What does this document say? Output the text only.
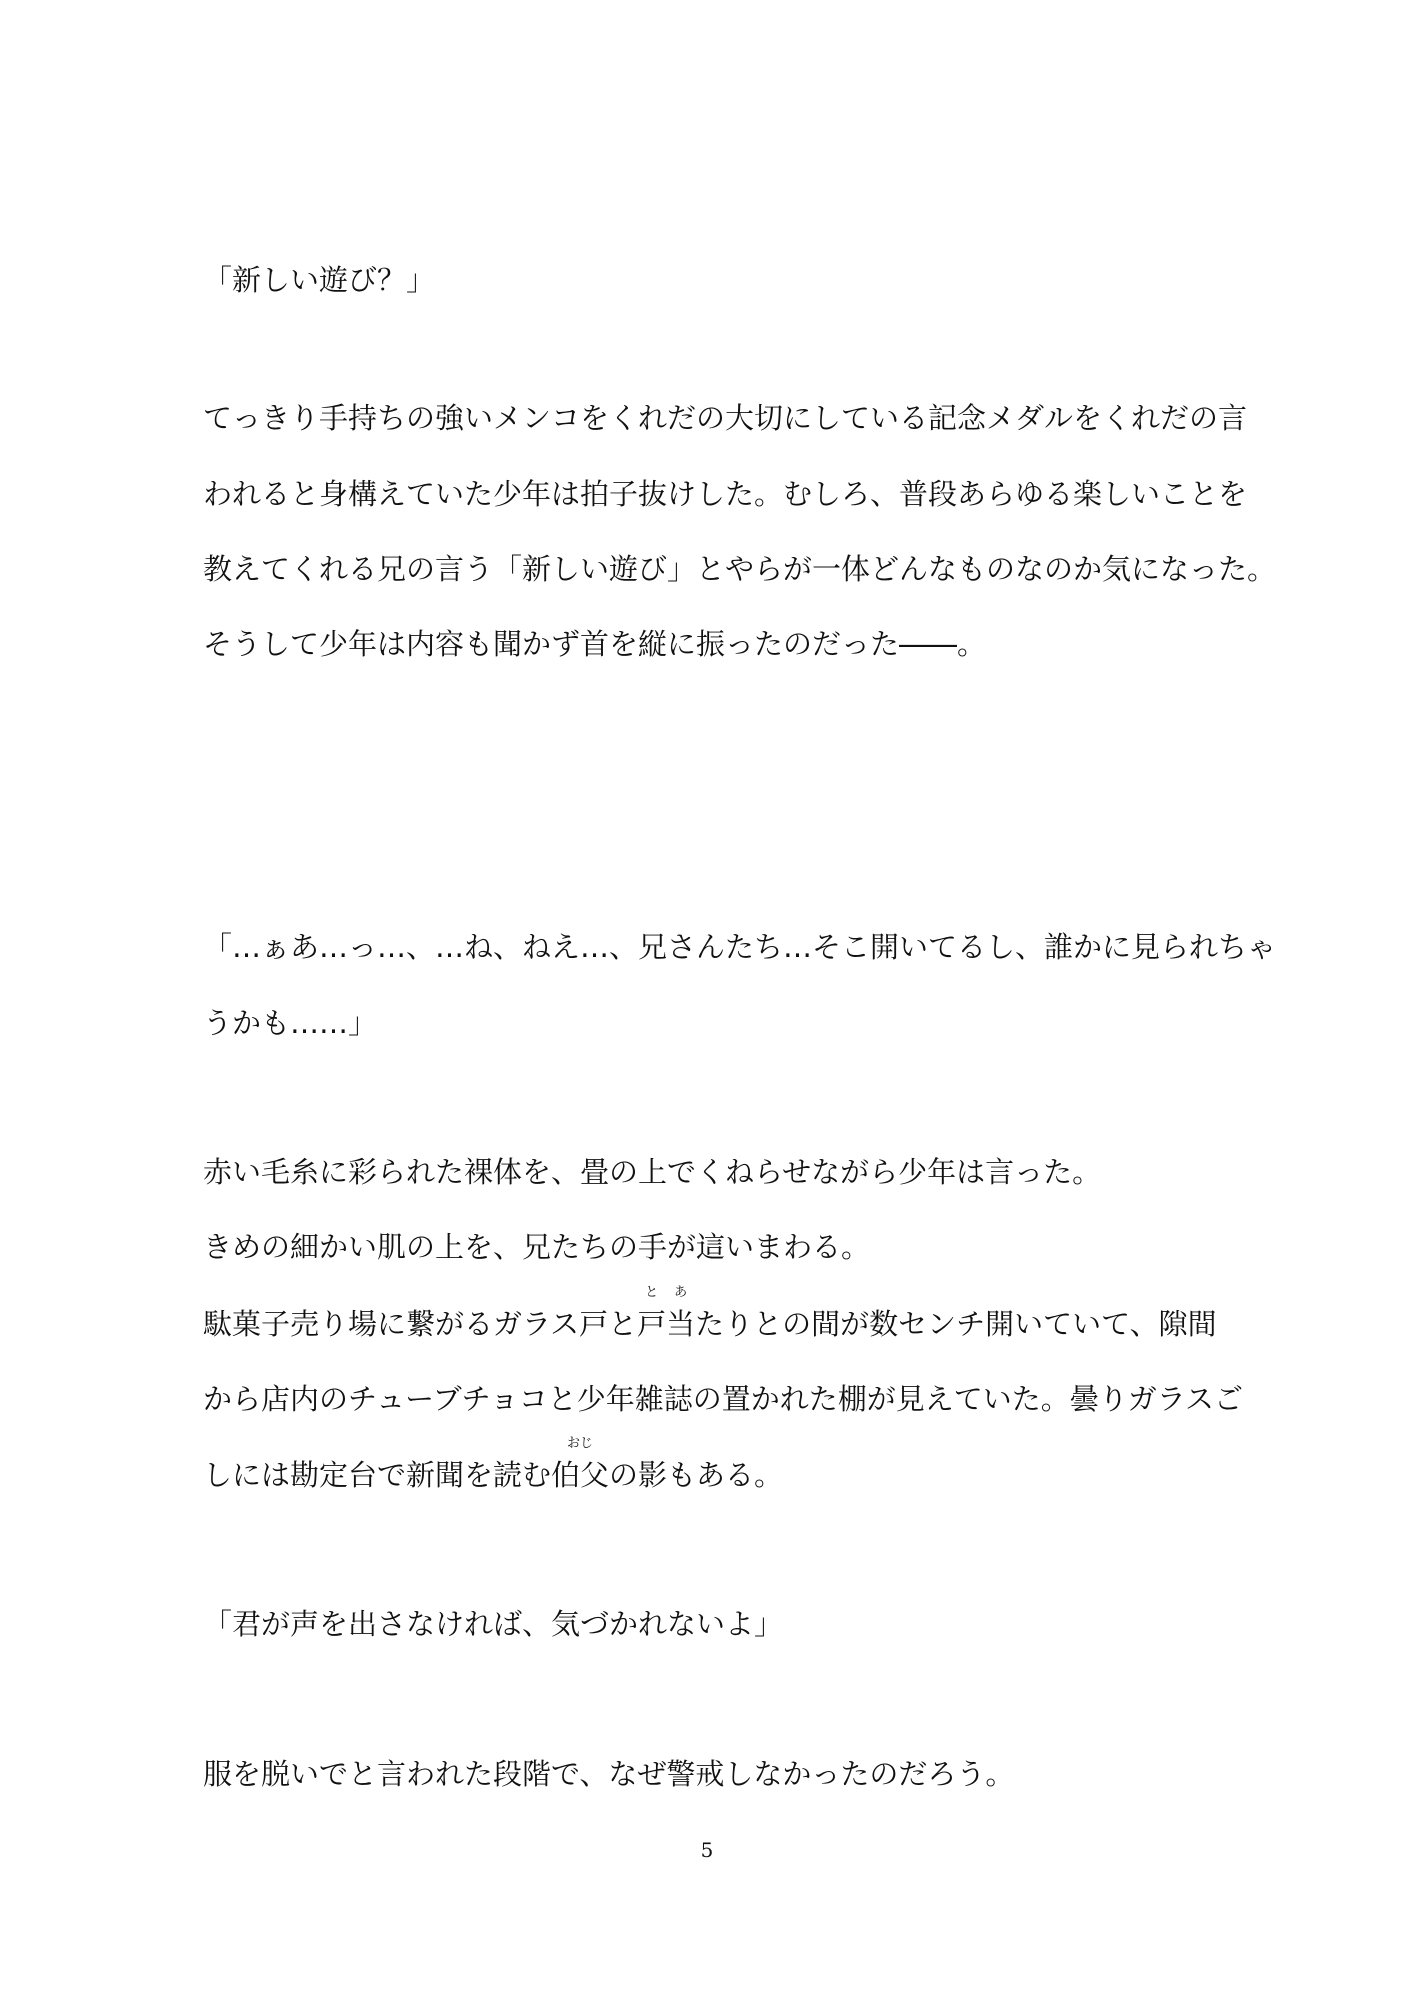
「新しい遊び？」
てっきり手持ちの強いメンコをくれだの大切にしている記念メダルをくれだの言
われると身構えていた少年は拍子抜けした。むしろ、普段あらゆる楽しいことを
教えてくれる兄の言う「新しい遊び」とやらが一体どんなものなのか気になった。
そうして少年は内容も聞かず首を縦に振ったのだった――。
「…ぁあ…っ…、…ね、ねえ…、兄さんたち…そこ開いてるし、誰かに見られちゃ
うかも……」
赤い毛糸に彩られた裸体を、畳の上でくねらせながら少年は言った。
きめの細かい肌の上を、兄たちの手が這いまわる。
駄菓子売り場に繋がるガラス戸と戸
と
当
あ
たりとの間が数センチ開いていて、隙間
から店内のチューブチョコと少年雑誌の置かれた棚が見えていた。曇りガラスご
しには勘定台で新聞を読む伯父
おじ
の影もある。
「君が声を出さなければ、気づかれないよ」
服を脱いでと言われた段階で、なぜ警戒しなかったのだろう。
5
